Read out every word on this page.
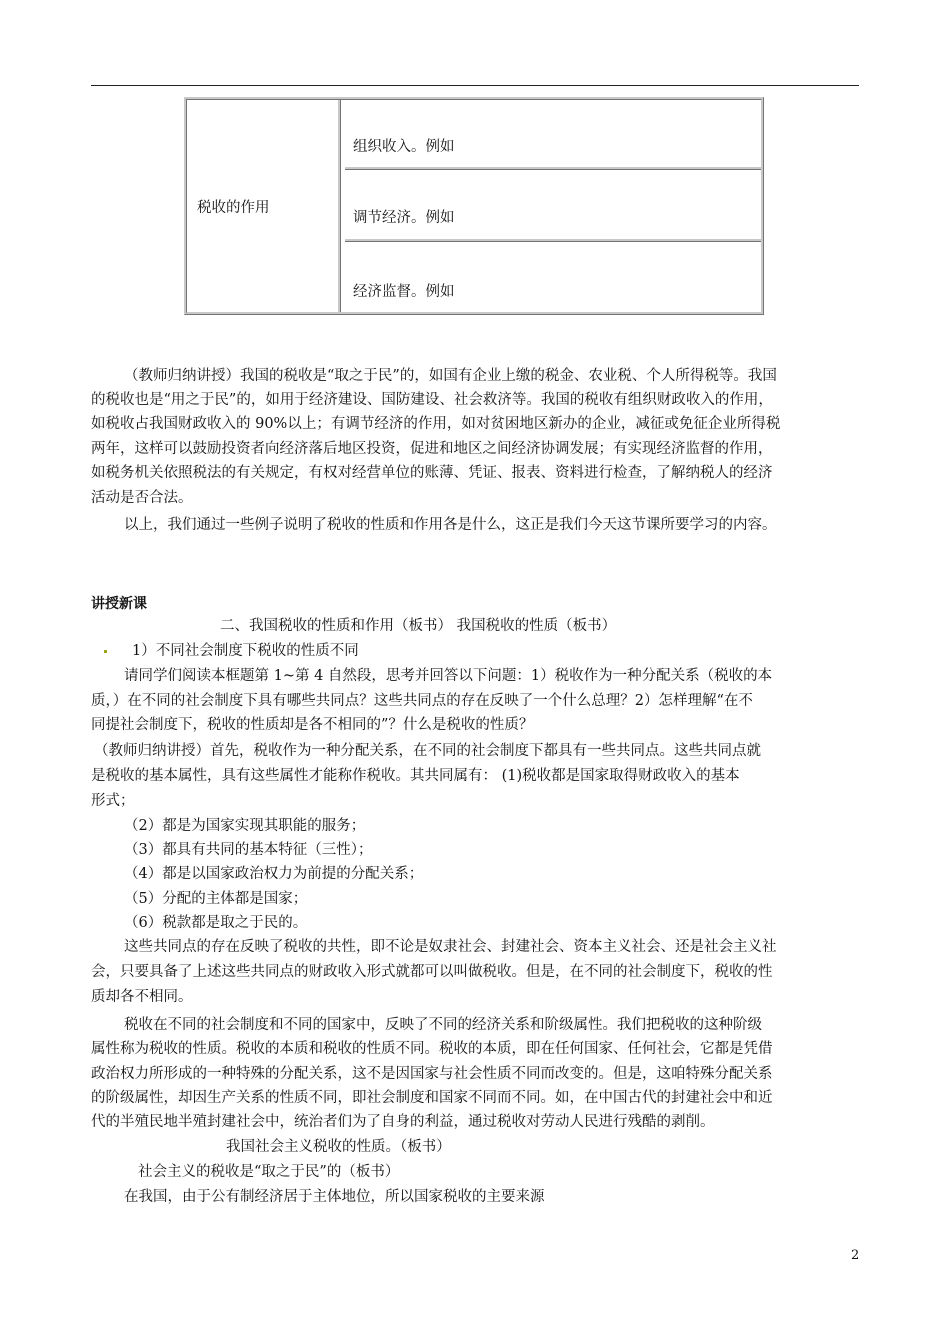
税收的作用
组织收入。例如
调节经济。例如
经济监督。例如
（教师归纳讲授）我国的税收是“取之于民”的，如国有企业上缴的税金、农业税、个人所得税等。我国
的税收也是“用之于民”的，如用于经济建设、国防建设、社会救济等。我国的税收有组织财政收入的作用，
如税收占我国财政收入的 90%以上；有调节经济的作用，如对贫困地区新办的企业，减征或免征企业所得税
两年，这样可以鼓励投资者向经济落后地区投资，促进和地区之间经济协调发展；有实现经济监督的作用，
如税务机关依照税法的有关规定，有权对经营单位的账薄、凭证、报表、资料进行检查，了解纳税人的经济
活动是否合法。
以上，我们通过一些例子说明了税收的性质和作用各是什么，这正是我们今天这节课所要学习的内容。
讲授新课
二、我国税收的性质和作用（板书） 我国税收的性质（板书）
1）不同社会制度下税收的性质不同
请同学们阅读本框题第 1~第 4 自然段，思考并回答以下问题：1）税收作为一种分配关系（税收的本
质，）在不同的社会制度下具有哪些共同点？这些共同点的存在反映了一个什么总理？2）怎样理解“在不
同提社会制度下，税收的性质却是各不相同的”？什么是税收的性质？
（教师归纳讲授）首先，税收作为一种分配关系，在不同的社会制度下都具有一些共同点。这些共同点就
是税收的基本属性，具有这些属性才能称作税收。其共同属有： (1)税收都是国家取得财政收入的基本
形式；
（2）都是为国家实现其职能的服务；
（3）都具有共同的基本特征（三性）；
（4）都是以国家政治权力为前提的分配关系；
（5）分配的主体都是国家；
（6）税款都是取之于民的。
这些共同点的存在反映了税收的共性，即不论是奴隶社会、封建社会、资本主义社会、还是社会主义社
会，只要具备了上述这些共同点的财政收入形式就都可以叫做税收。但是，在不同的社会制度下，税收的性
质却各不相同。
税收在不同的社会制度和不同的国家中，反映了不同的经济关系和阶级属性。我们把税收的这种阶级
属性称为税收的性质。税收的本质和税收的性质不同。税收的本质，即在任何国家、任何社会，它都是凭借
政治权力所形成的一种特殊的分配关系，这不是因国家与社会性质不同而改变的。但是，这咱特殊分配关系
的阶级属性，却因生产关系的性质不同，即社会制度和国家不同而不同。如，在中国古代的封建社会中和近
代的半殖民地半殖封建社会中，统治者们为了自身的利益，通过税收对劳动人民进行残酷的剥削。
我国社会主义税收的性质。（板书）
社会主义的税收是“取之于民”的（板书）
在我国，由于公有制经济居于主体地位，所以国家税收的主要来源
2
